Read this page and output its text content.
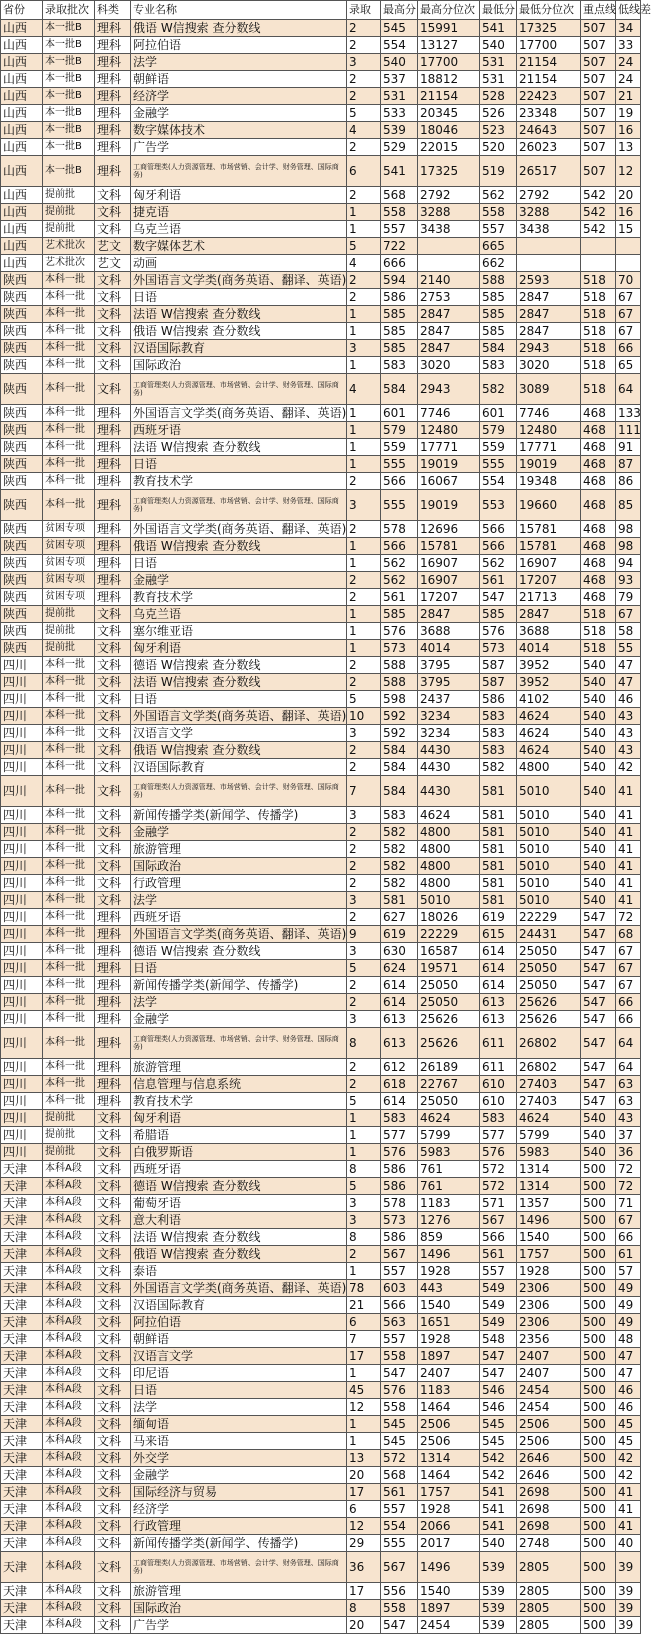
省份	录取批次	科类	专业名称	录取	最高分	最高分位次	最低分	最低分位次	重点线	低线差
山西	本一批B	理科	俄语 W信搜索 查分数线	2	545	15991	541	17325	507	34
山西	本一批B	理科	阿拉伯语	2	554	13127	540	17700	507	33
山西	本一批B	理科	法学	3	540	17700	531	21154	507	24
山西	本一批B	理科	朝鲜语	2	537	18812	531	21154	507	24
山西	本一批B	理科	经济学	2	531	21154	528	22423	507	21
山西	本一批B	理科	金融学	5	533	20345	526	23348	507	19
山西	本一批B	理科	数字媒体技术	4	539	18046	523	24643	507	16
山西	本一批B	理科	广告学	2	529	22015	520	26023	507	13
山西	本一批B	理科	工商管理类(人力资源管理、市场营销、会计学、财务管理、国际商务)	6	541	17325	519	26517	507	12
山西	提前批	文科	匈牙利语	2	568	2792	562	2792	542	20
山西	提前批	文科	捷克语	1	558	3288	558	3288	542	16
山西	提前批	文科	乌克兰语	1	557	3438	557	3438	542	15
山西	艺术批次	艺文	数字媒体艺术	5	722		665			
山西	艺术批次	艺文	动画	4	666		662			
陕西	本科一批	文科	外国语言文学类(商务英语、翻译、英语)	2	594	2140	588	2593	518	70
陕西	本科一批	文科	日语	2	586	2753	585	2847	518	67
陕西	本科一批	文科	法语 W信搜索 查分数线	1	585	2847	585	2847	518	67
陕西	本科一批	文科	俄语 W信搜索 查分数线	1	585	2847	585	2847	518	67
陕西	本科一批	文科	汉语国际教育	3	585	2847	584	2943	518	66
陕西	本科一批	文科	国际政治	1	583	3020	583	3020	518	65
陕西	本科一批	文科	工商管理类(人力资源管理、市场营销、会计学、财务管理、国际商务)	4	584	2943	582	3089	518	64
陕西	本科一批	理科	外国语言文学类(商务英语、翻译、英语)	1	601	7746	601	7746	468	133
陕西	本科一批	理科	西班牙语	1	579	12480	579	12480	468	111
陕西	本科一批	理科	法语 W信搜索 查分数线	1	559	17771	559	17771	468	91
陕西	本科一批	理科	日语	1	555	19019	555	19019	468	87
陕西	本科一批	理科	教育技术学	2	566	16067	554	19348	468	86
陕西	本科一批	理科	工商管理类(人力资源管理、市场营销、会计学、财务管理、国际商务)	3	555	19019	553	19660	468	85
陕西	贫困专项	理科	外国语言文学类(商务英语、翻译、英语)	2	578	12696	566	15781	468	98
陕西	贫困专项	理科	俄语 W信搜索 查分数线	1	566	15781	566	15781	468	98
陕西	贫困专项	理科	日语	1	562	16907	562	16907	468	94
陕西	贫困专项	理科	金融学	2	562	16907	561	17207	468	93
陕西	贫困专项	理科	教育技术学	2	561	17207	547	21713	468	79
陕西	提前批	文科	乌克兰语	1	585	2847	585	2847	518	67
陕西	提前批	文科	塞尔维亚语	1	576	3688	576	3688	518	58
陕西	提前批	文科	匈牙利语	1	573	4014	573	4014	518	55
四川	本科一批	文科	德语 W信搜索 查分数线	2	588	3795	587	3952	540	47
四川	本科一批	文科	法语 W信搜索 查分数线	2	588	3795	587	3952	540	47
四川	本科一批	文科	日语	5	598	2437	586	4102	540	46
四川	本科一批	文科	外国语言文学类(商务英语、翻译、英语)	10	592	3234	583	4624	540	43
四川	本科一批	文科	汉语言文学	3	592	3234	583	4624	540	43
四川	本科一批	文科	俄语 W信搜索 查分数线	2	584	4430	583	4624	540	43
四川	本科一批	文科	汉语国际教育	2	584	4430	582	4800	540	42
四川	本科一批	文科	工商管理类(人力资源管理、市场营销、会计学、财务管理、国际商务)	7	584	4430	581	5010	540	41
四川	本科一批	文科	新闻传播学类(新闻学、传播学)	3	583	4624	581	5010	540	41
四川	本科一批	文科	金融学	2	582	4800	581	5010	540	41
四川	本科一批	文科	旅游管理	2	582	4800	581	5010	540	41
四川	本科一批	文科	国际政治	2	582	4800	581	5010	540	41
四川	本科一批	文科	行政管理	2	582	4800	581	5010	540	41
四川	本科一批	文科	法学	3	581	5010	581	5010	540	41
四川	本科一批	理科	西班牙语	2	627	18026	619	22229	547	72
四川	本科一批	理科	外国语言文学类(商务英语、翻译、英语)	9	619	22229	615	24431	547	68
四川	本科一批	理科	德语 W信搜索 查分数线	3	630	16587	614	25050	547	67
四川	本科一批	理科	日语	5	624	19571	614	25050	547	67
四川	本科一批	理科	新闻传播学类(新闻学、传播学)	2	614	25050	614	25050	547	67
四川	本科一批	理科	法学	2	614	25050	613	25626	547	66
四川	本科一批	理科	金融学	3	613	25626	613	25626	547	66
四川	本科一批	理科	工商管理类(人力资源管理、市场营销、会计学、财务管理、国际商务)	8	613	25626	611	26802	547	64
四川	本科一批	理科	旅游管理	2	612	26189	611	26802	547	64
四川	本科一批	理科	信息管理与信息系统	2	618	22767	610	27403	547	63
四川	本科一批	理科	教育技术学	5	614	25050	610	27403	547	63
四川	提前批	文科	匈牙利语	1	583	4624	583	4624	540	43
四川	提前批	文科	希腊语	1	577	5799	577	5799	540	37
四川	提前批	文科	白俄罗斯语	1	576	5983	576	5983	540	36
天津	本科A段	文科	西班牙语	8	586	761	572	1314	500	72
天津	本科A段	文科	德语 W信搜索 查分数线	5	586	761	572	1314	500	72
天津	本科A段	文科	葡萄牙语	3	578	1183	571	1357	500	71
天津	本科A段	文科	意大利语	3	573	1276	567	1496	500	67
天津	本科A段	文科	法语 W信搜索 查分数线	8	586	859	566	1540	500	66
天津	本科A段	文科	俄语 W信搜索 查分数线	2	567	1496	561	1757	500	61
天津	本科A段	文科	泰语	1	557	1928	557	1928	500	57
天津	本科A段	文科	外国语言文学类(商务英语、翻译、英语)	78	603	443	549	2306	500	49
天津	本科A段	文科	汉语国际教育	21	566	1540	549	2306	500	49
天津	本科A段	文科	阿拉伯语	6	563	1651	549	2306	500	49
天津	本科A段	文科	朝鲜语	7	557	1928	548	2356	500	48
天津	本科A段	文科	汉语言文学	17	558	1897	547	2407	500	47
天津	本科A段	文科	印尼语	1	547	2407	547	2407	500	47
天津	本科A段	文科	日语	45	576	1183	546	2454	500	46
天津	本科A段	文科	法学	12	558	1464	546	2454	500	46
天津	本科A段	文科	缅甸语	1	545	2506	545	2506	500	45
天津	本科A段	文科	马来语	1	545	2506	545	2506	500	45
天津	本科A段	文科	外交学	13	572	1314	542	2646	500	42
天津	本科A段	文科	金融学	20	568	1464	542	2646	500	42
天津	本科A段	文科	国际经济与贸易	17	561	1757	541	2698	500	41
天津	本科A段	文科	经济学	6	557	1928	541	2698	500	41
天津	本科A段	文科	行政管理	12	554	2066	541	2698	500	41
天津	本科A段	文科	新闻传播学类(新闻学、传播学)	29	555	2017	540	2748	500	40
天津	本科A段	文科	工商管理类(人力资源管理、市场营销、会计学、财务管理、国际商务)	36	567	1496	539	2805	500	39
天津	本科A段	文科	旅游管理	17	556	1540	539	2805	500	39
天津	本科A段	文科	国际政治	8	558	1897	539	2805	500	39
天津	本科A段	文科	广告学	20	547	2454	539	2805	500	39
